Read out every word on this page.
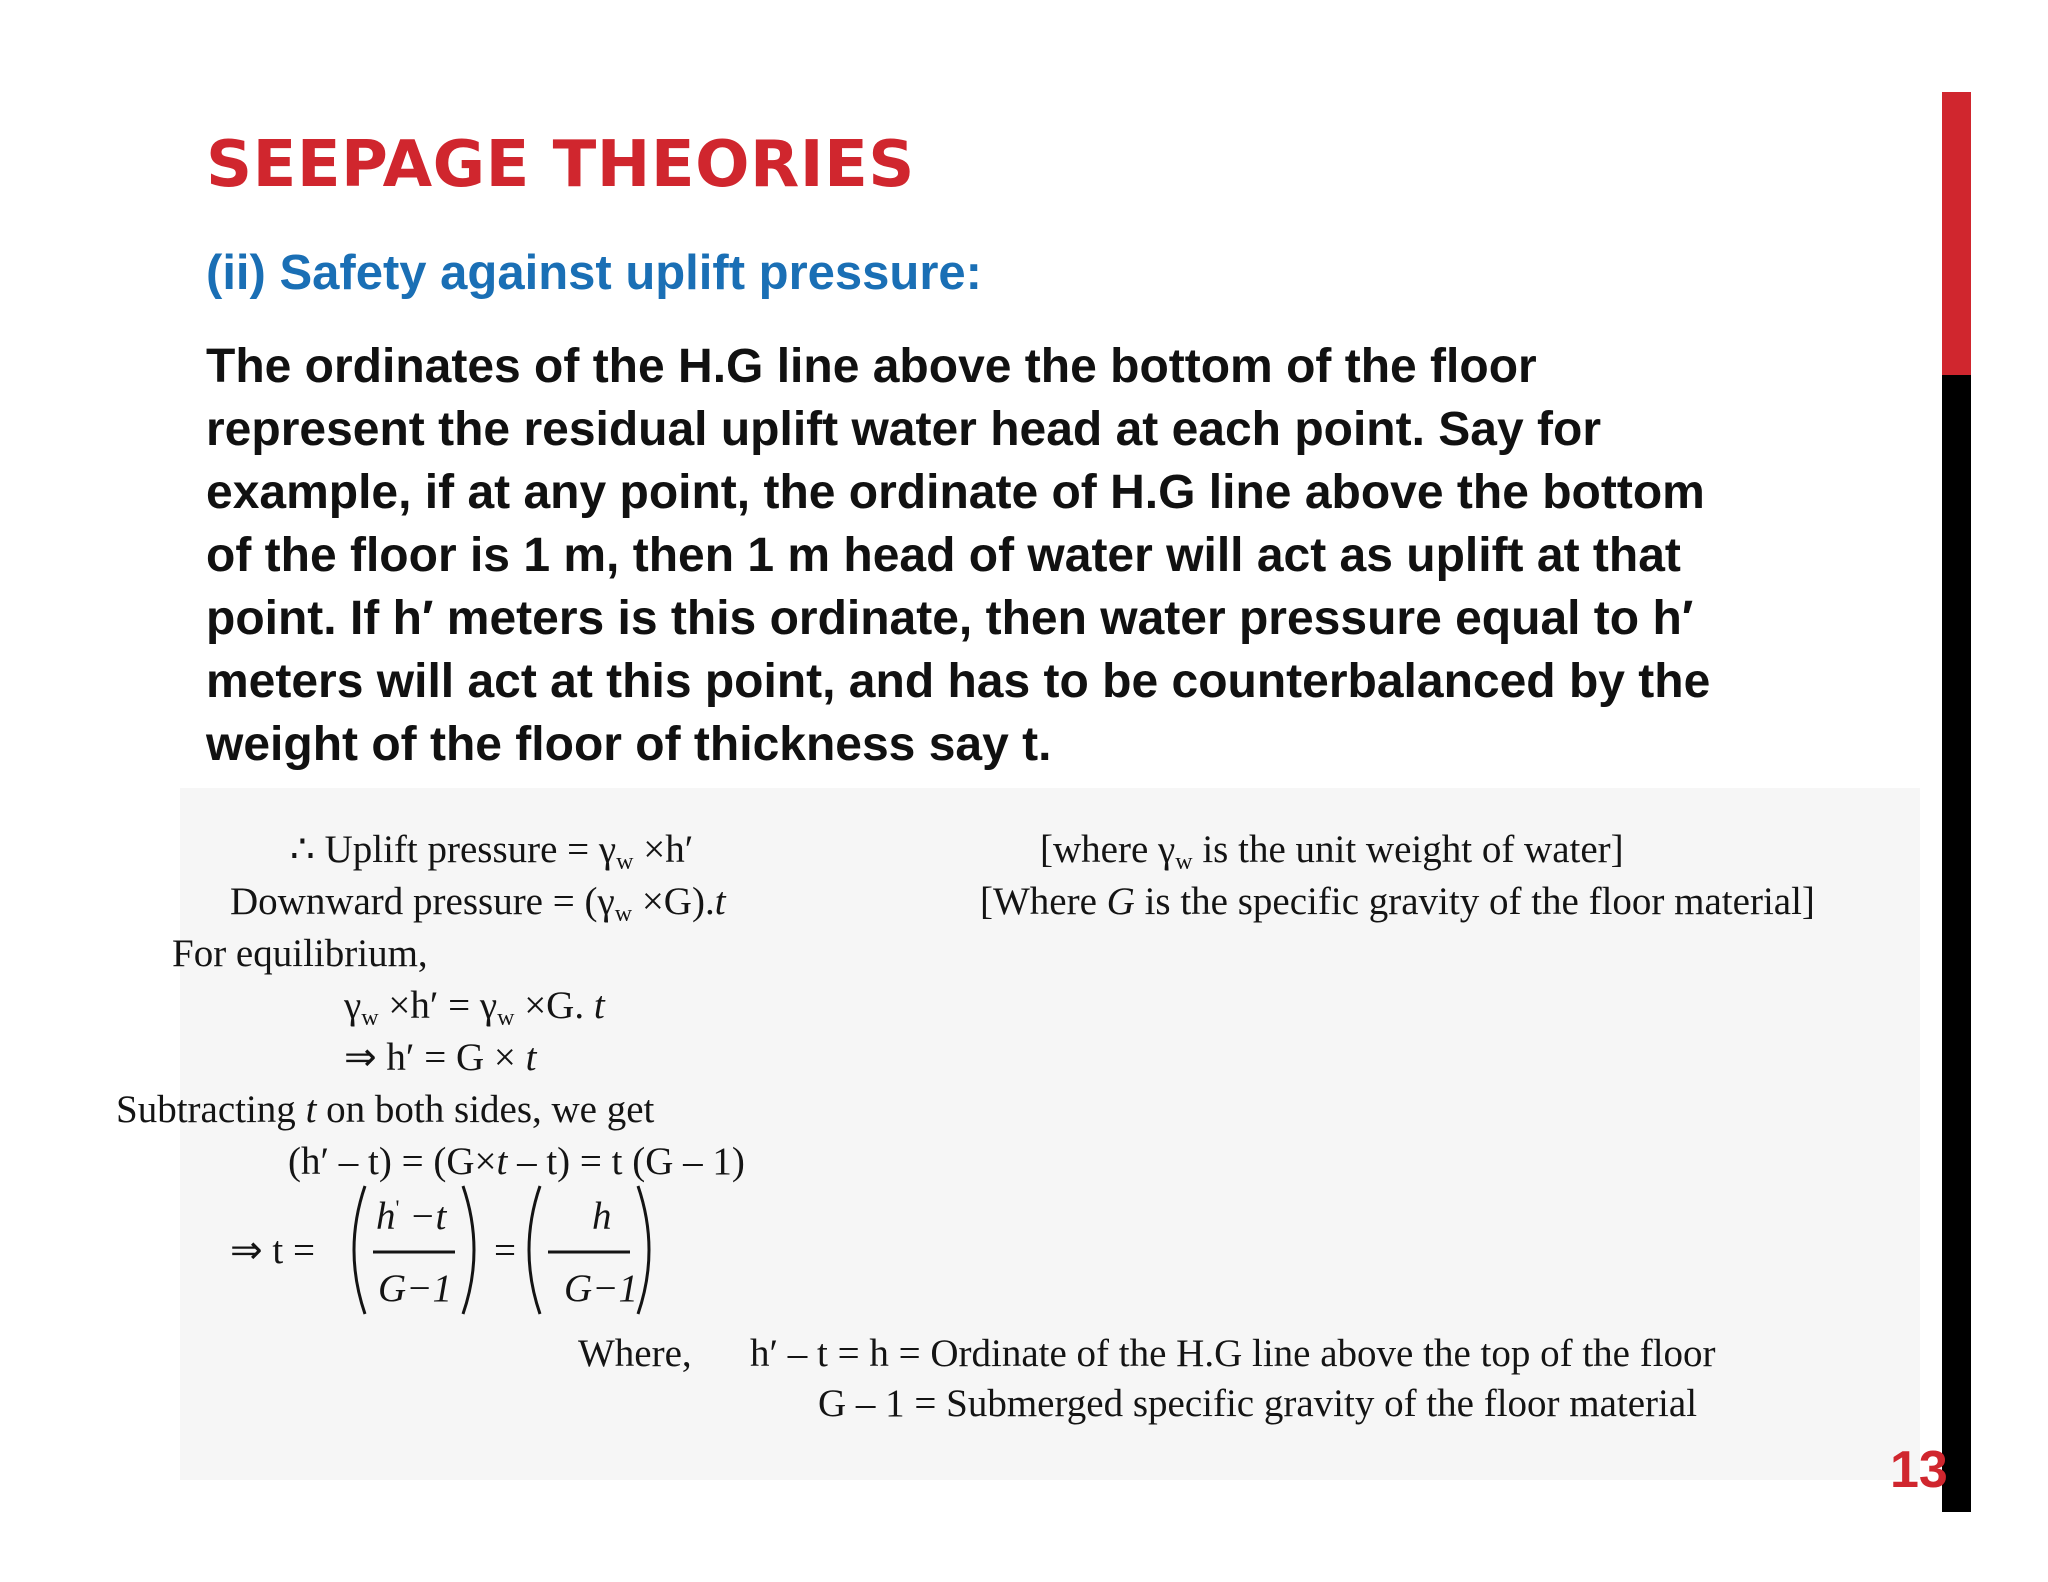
SEEPAGE THEORIES
(ii) Safety against uplift pressure:
The ordinates of the H.G line above the bottom of the floor
represent the residual uplift water head at each point. Say for
example, if at any point, the ordinate of H.G line above the bottom
of the floor is 1 m, then 1 m head of water will act as uplift at that
point. If h′ meters is this ordinate, then water pressure equal to h′
meters will act at this point, and has to be counterbalanced by the
weight of the floor of thickness say t.
∴ Uplift pressure = $\gamma_w \times h'$	[where $\gamma_w$ is the unit weight of water]
Downward pressure = $(\gamma_w \times G).t$	[Where G is the specific gravity of the floor material]
For equilibrium,
$\gamma_w \times h' = \gamma_w \times G$. t
⇒ h′ = G × t
Subtracting t on both sides, we get
(h′ – t) = (G×t – t) = t (G – 1)
⇒ t =
h' −t
G−1
=
h
G−1
Where, h′ – t = h = Ordinate of the H.G line above the top of the floor
G – 1 = Submerged specific gravity of the floor material
13
